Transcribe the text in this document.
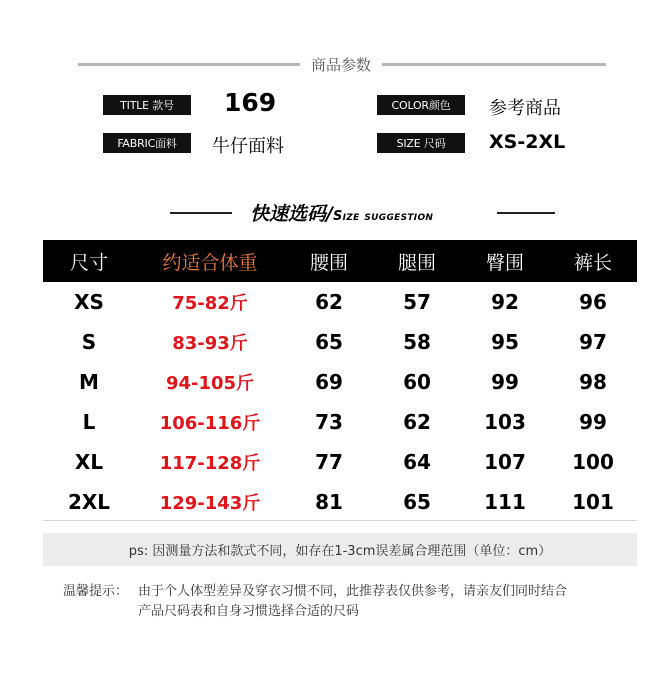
商品参数
TITLE 款号	169	COLOR颜色	参考商品
FABRIC面料	牛仔面料	SIZE 尺码	XS-2XL
快速选码/Size suggestion
尺寸	约适合体重	腰围	腿围	臀围	裤长
XS	75-82斤	62	57	92	96
S	83-93斤	65	58	95	97
M	94-105斤	69	60	99	98
L	106-116斤	73	62	103	99
XL	117-128斤	77	64	107	100
2XL	129-143斤	81	65	111	101
ps: 因测量方法和款式不同，如存在1-3cm误差属合理范围（单位：cm）
温馨提示： 由于个人体型差异及穿衣习惯不同，此推荐表仅供参考，请亲友们同时结合
产品尺码表和自身习惯选择合适的尺码
